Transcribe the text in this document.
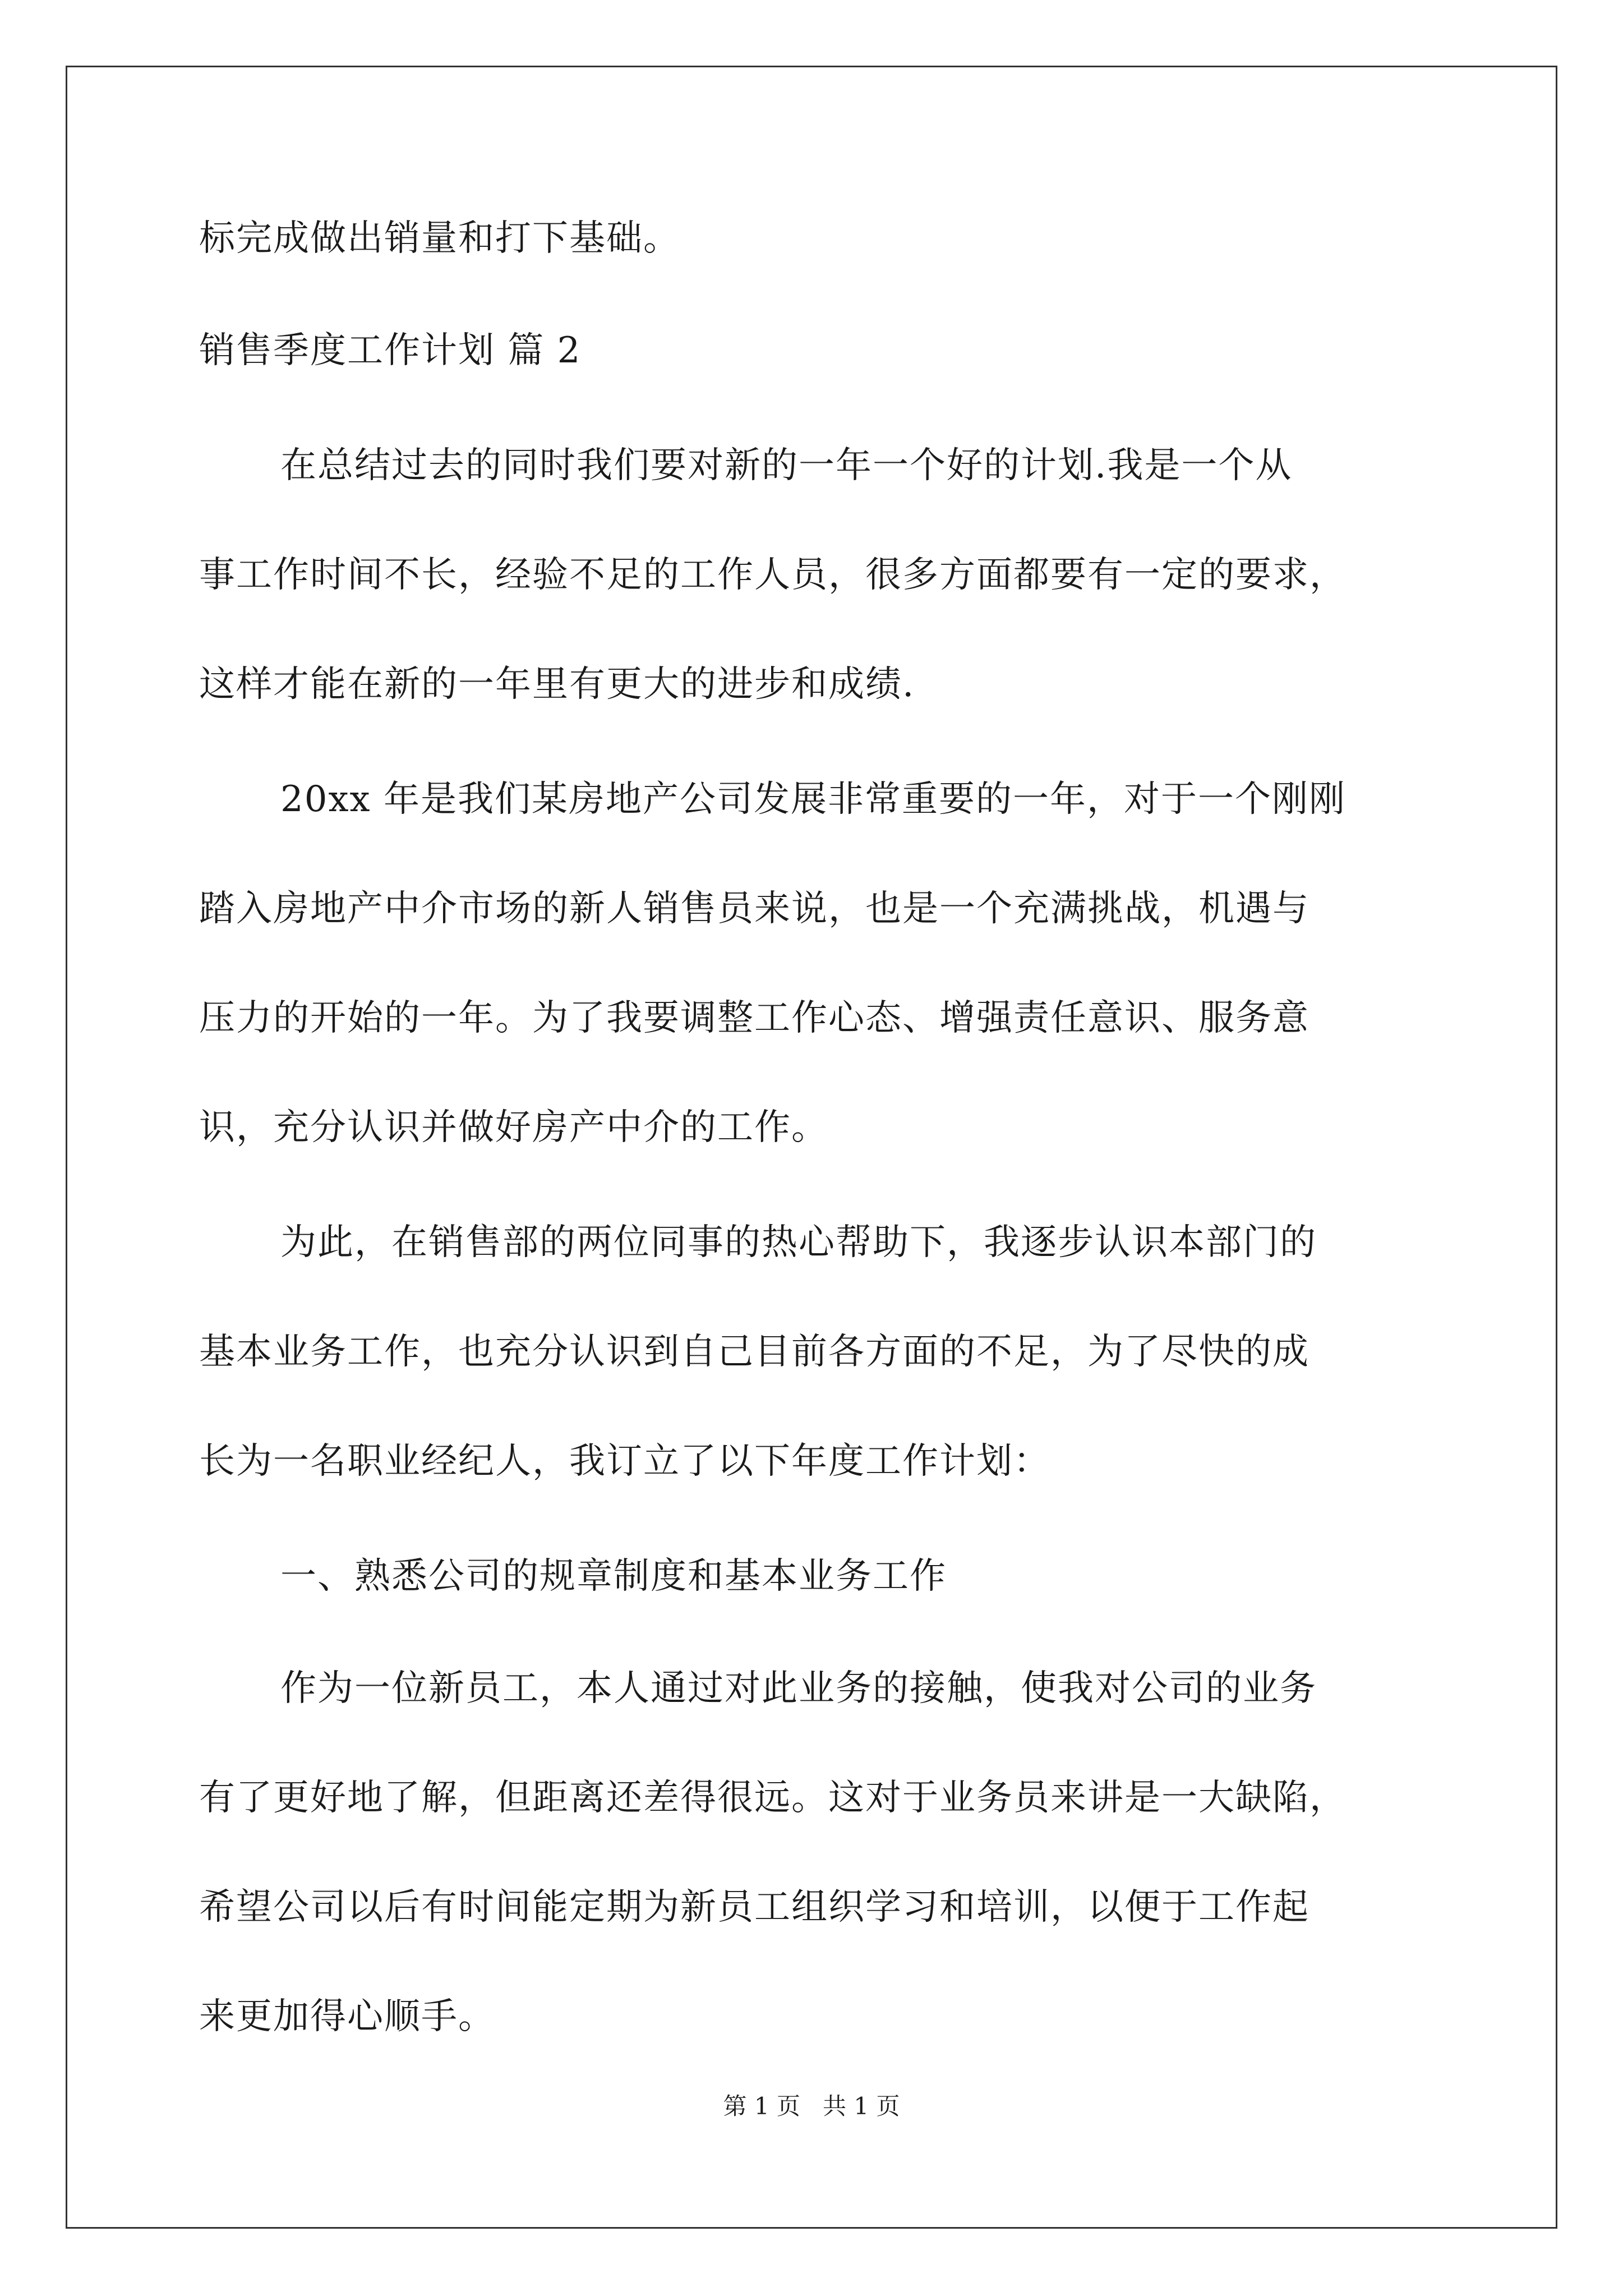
标完成做出销量和打下基础。
销售季度工作计划 篇 2
在总结过去的同时我们要对新的一年一个好的计划.我是一个从
事工作时间不长，经验不足的工作人员，很多方面都要有一定的要求，
这样才能在新的一年里有更大的进步和成绩.
20xx 年是我们某房地产公司发展非常重要的一年，对于一个刚刚
踏入房地产中介市场的新人销售员来说，也是一个充满挑战，机遇与
压力的开始的一年。为了我要调整工作心态、增强责任意识、服务意
识，充分认识并做好房产中介的工作。
为此，在销售部的两位同事的热心帮助下，我逐步认识本部门的
基本业务工作，也充分认识到自己目前各方面的不足，为了尽快的成
长为一名职业经纪人，我订立了以下年度工作计划：
一、熟悉公司的规章制度和基本业务工作
作为一位新员工，本人通过对此业务的接触，使我对公司的业务
有了更好地了解，但距离还差得很远。这对于业务员来讲是一大缺陷，
希望公司以后有时间能定期为新员工组织学习和培训，以便于工作起
来更加得心顺手。
第 1 页   共 1 页
